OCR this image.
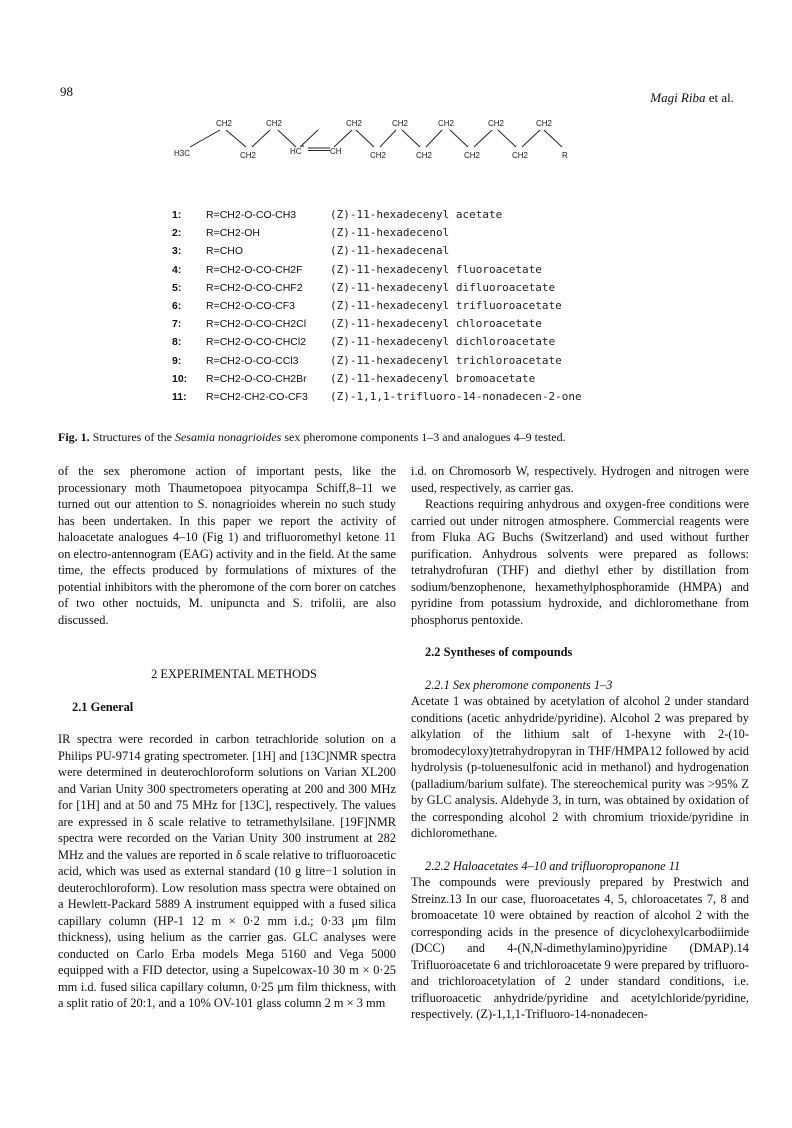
98	Magi Riba et al.
H3C
CH2
CH2
CH2
HC	CH
CH2
CH2
CH2
CH2
CH2
CH2
CH2
CH2
CH2
R
1: R=CH2-O-CO-CH3	(Z)-11-hexadecenyl acetate
2: R=CH2-OH	(Z)-11-hexadecenol
3: R=CHO	(Z)-11-hexadecenal
4: R=CH2-O-CO-CH2F (Z)-11-hexadecenyl fluoroacetate
5: R=CH2-O-CO-CHF2 (Z)-11-hexadecenyl difluoroacetate
6: R=CH2-O-CO-CF3	(Z)-11-hexadecenyl trifluoroacetate
7: R=CH2-O-CO-CH2Cl (Z)-11-hexadecenyl chloroacetate
8: R=CH2-O-CO-CHCl2 (Z)-11-hexadecenyl dichloroacetate
9: R=CH2-O-CO-CCl3	(Z)-11-hexadecenyl trichloroacetate
10: R=CH2-O-CO-CH2Br (Z)-11-hexadecenyl bromoacetate
11: R=CH2-CH2-CO-CF3 (Z)-1,1,1-trifluoro-14-nonadecen-2-one
Fig. 1. Structures of the Sesamia nonagrioides sex pheromone components 1–3 and analogues 4–9 tested.

of the sex pheromone action of important pests, like the processionary moth Thaumetopoea pityocampa Schiff,8–11 we turned out our attention to S. nonagrioides wherein no such study has been undertaken. In this paper we report the activity of haloacetate analogues 4–10 (Fig 1) and trifluoromethyl ketone 11 on electro-antennogram (EAG) activity and in the field. At the same time, the effects produced by formulations of mixtures of the potential inhibitors with the pheromone of the corn borer on catches of two other noctuids, M. unipuncta and S. trifolii, are also discussed.

2 EXPERIMENTAL METHODS

2.1 General

IR spectra were recorded in carbon tetrachloride solution on a Philips PU-9714 grating spectrometer. [1H] and [13C]NMR spectra were determined in deuterochloroform solutions on Varian XL200 and Varian Unity 300 spectrometers operating at 200 and 300 MHz for [1H] and at 50 and 75 MHz for [13C], respectively. The values are expressed in δ scale relative to tetramethylsilane. [19F]NMR spectra were recorded on the Varian Unity 300 instrument at 282 MHz and the values are reported in δ scale relative to trifluoroacetic acid, which was used as external standard (10 g litre−1 solution in deuterochloroform). Low resolution mass spectra were obtained on a Hewlett-Packard 5889 A instrument equipped with a fused silica capillary column (HP-1 12 m × 0·2 mm i.d.; 0·33 μm film thickness), using helium as the carrier gas. GLC analyses were conducted on Carlo Erba models Mega 5160 and Vega 5000 equipped with a FID detector, using a Supelcowax-10 30 m × 0·25 mm i.d. fused silica capillary column, 0·25 μm film thickness, with a split ratio of 20:1, and a 10% OV-101 glass column 2 m × 3 mm

i.d. on Chromosorb W, respectively. Hydrogen and nitrogen were used, respectively, as carrier gas.

Reactions requiring anhydrous and oxygen-free conditions were carried out under nitrogen atmosphere. Commercial reagents were from Fluka AG Buchs (Switzerland) and used without further purification. Anhydrous solvents were prepared as follows: tetrahydrofuran (THF) and diethyl ether by distillation from sodium/benzophenone, hexamethylphosphoramide (HMPA) and pyridine from potassium hydroxide, and dichloromethane from phosphorus pentoxide.

2.2 Syntheses of compounds

2.2.1 Sex pheromone components 1–3

Acetate 1 was obtained by acetylation of alcohol 2 under standard conditions (acetic anhydride/pyridine). Alcohol 2 was prepared by alkylation of the lithium salt of 1-hexyne with 2-(10-bromodecyloxy)tetrahydropyran in THF/HMPA12 followed by acid hydrolysis (p-toluenesulfonic acid in methanol) and hydrogenation (palladium/barium sulfate). The stereochemical purity was >95% Z by GLC analysis. Aldehyde 3, in turn, was obtained by oxidation of the corresponding alcohol 2 with chromium trioxide/pyridine in dichloromethane.

2.2.2 Haloacetates 4–10 and trifluoropropanone 11

The compounds were previously prepared by Prestwich and Streinz.13 In our case, fluoroacetates 4, 5, chloroacetates 7, 8 and bromoacetate 10 were obtained by reaction of alcohol 2 with the corresponding acids in the presence of dicyclohexylcarbodiimide (DCC) and 4-(N,N-dimethylamino)pyridine (DMAP).14 Trifluoroacetate 6 and trichloroacetate 9 were prepared by trifluoro- and trichloroacetylation of 2 under standard conditions, i.e. trifluoroacetic anhydride/pyridine and acetylchloride/pyridine, respectively. (Z)-1,1,1-Trifluoro-14-nonadecen-
